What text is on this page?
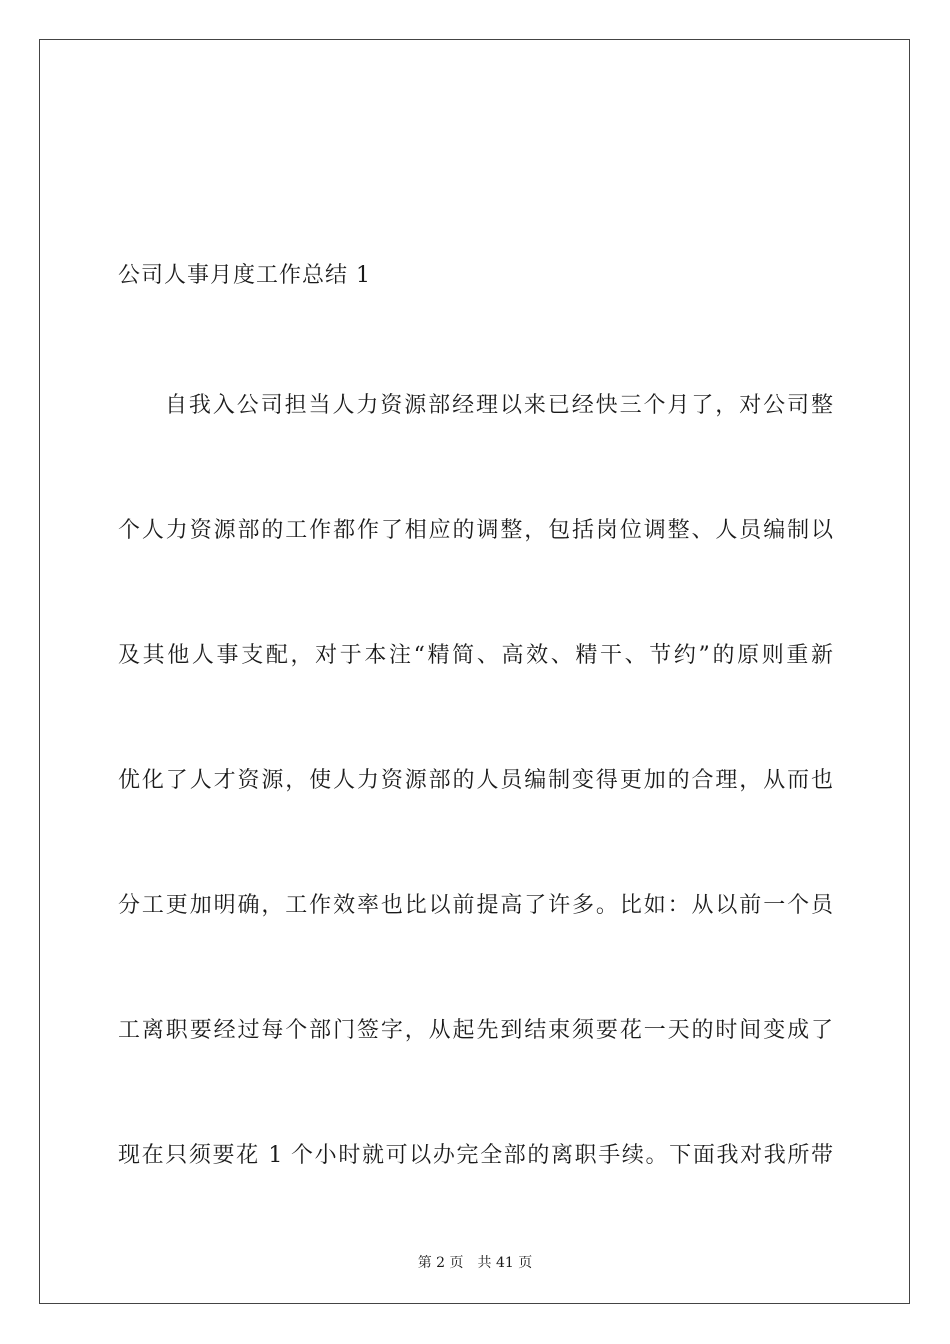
公司人事月度工作总结 1
自我入公司担当人力资源部经理以来已经快三个月了，对公司整
个人力资源部的工作都作了相应的调整，包括岗位调整、人员编制以
及其他人事支配，对于本注“精简、高效、精干、节约”的原则重新
优化了人才资源，使人力资源部的人员编制变得更加的合理，从而也
分工更加明确，工作效率也比以前提高了许多。比如：从以前一个员
工离职要经过每个部门签字，从起先到结束须要花一天的时间变成了
现在只须要花 1 个小时就可以办完全部的离职手续。下面我对我所带
第 2 页 共 41 页
